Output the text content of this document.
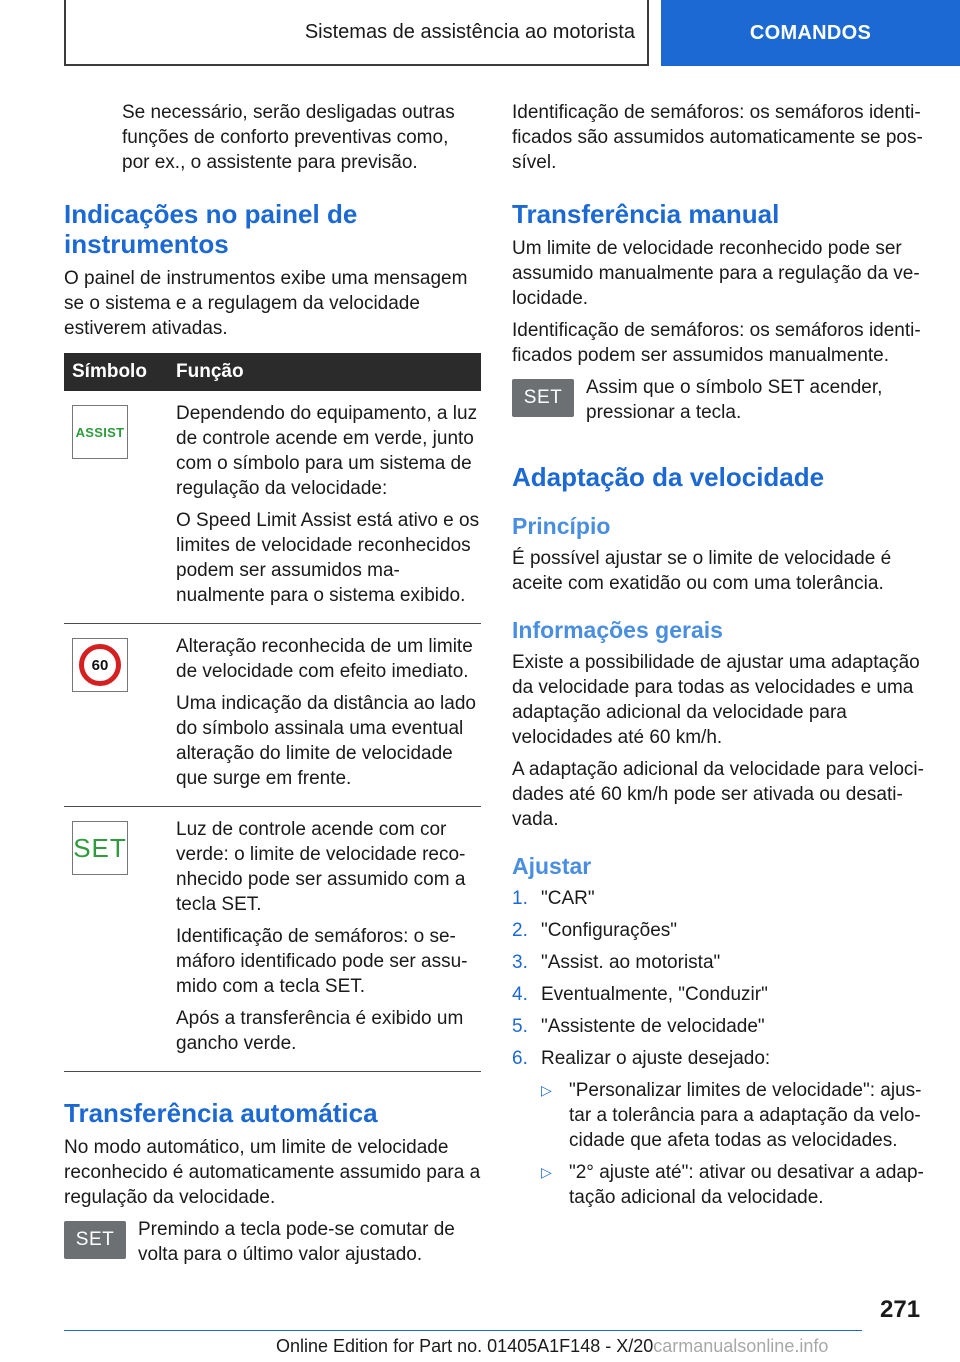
Sistemas de assistência ao motorista	COMANDOS

Se necessário, serão desligadas outras funções de conforto preventivas como, por ex., o assistente para previsão.

Indicações no painel de instrumentos

O painel de instrumentos exibe uma mensagem se o sistema e a regulagem da velocidade estiverem ativadas.

Símbolo	Função

ASSIST	Dependendo do equipamento, a luz de controle acende em verde, junto com o símbolo para um sistema de regulação da velocidade:

O Speed Limit Assist está ativo e os limites de velocidade reconhecidos podem ser assumidos manualmente para o sistema exibido.

60	Alteração reconhecida de um limite de velocidade com efeito imediato.

Uma indicação da distância ao lado do símbolo assinala uma eventual alteração do limite de velocidade que surge em frente.

SET	Luz de controle acende com cor verde: o limite de velocidade reconhecido pode ser assumido com a tecla SET.

Identificação de semáforos: o semáforo identificado pode ser assumido com a tecla SET.

Após a transferência é exibido um gancho verde.

Transferência automática

No modo automático, um limite de velocidade reconhecido é automaticamente assumido para a regulação da velocidade.

SET Premindo a tecla pode-se comutar de volta para o último valor ajustado.

Identificação de semáforos: os semáforos identificados são assumidos automaticamente se possível.

Transferência manual

Um limite de velocidade reconhecido pode ser assumido manualmente para a regulação da velocidade.

Identificação de semáforos: os semáforos identificados podem ser assumidos manualmente.

SET Assim que o símbolo SET acender, pressionar a tecla.

Adaptação da velocidade
Princípio

É possível ajustar se o limite de velocidade é aceite com exatidão ou com uma tolerância.

Informações gerais

Existe a possibilidade de ajustar uma adaptação da velocidade para todas as velocidades e uma adaptação adicional da velocidade para velocidades até 60 km/h.

A adaptação adicional da velocidade para velocidades até 60 km/h pode ser ativada ou desativada.

Ajustar
1. "CAR"
2. "Configurações"
3. "Assist. ao motorista"
4. Eventualmente, "Conduzir"
5. "Assistente de velocidade"
6. Realizar o ajuste desejado:
▷ "Personalizar limites de velocidade": ajustar a tolerância para a adaptação da velocidade que afeta todas as velocidades.
▷ "2° ajuste até": ativar ou desativar a adaptação adicional da velocidade.
271
Online Edition for Part no. 01405A1F148 - X/20carmanualsonline.info
